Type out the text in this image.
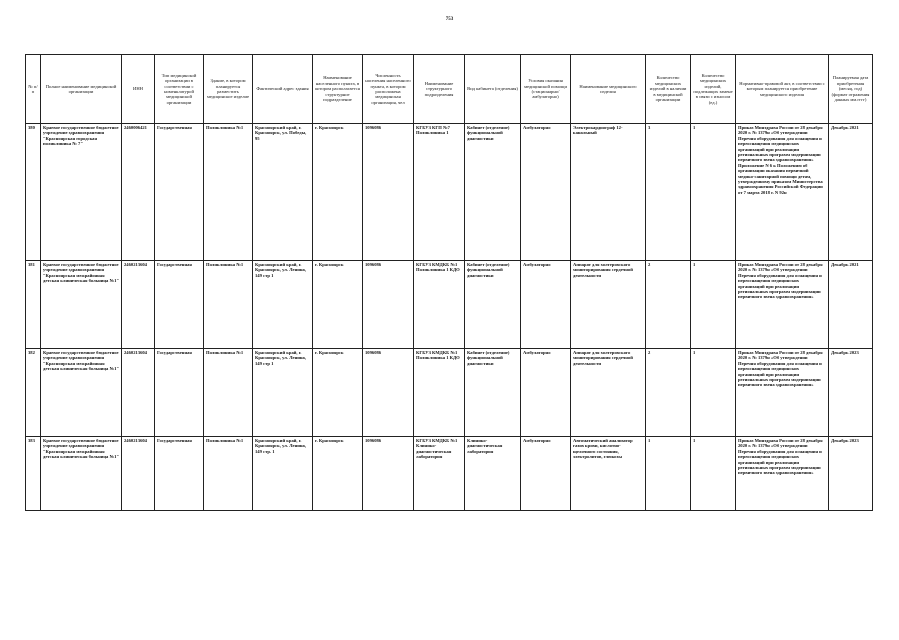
753
№ п/п	Полное наименование медицинской организации	ИНН	Тип медицинской организации в соответствии с номенклатурой медицинской организации	Здание, в котором планируется разместить медицинское изделие	Фактический адрес здания	Наименование населенного пункта, в котором располагается структурное подразделение	Численность населения населенного пункта, в котором расположена медицинская организация, чел	Наименование структурного подразделения	Вид кабинета (отделения)	Условия оказания медицинской помощи (стационарно/амбулаторно)	Наименование медицинского изделия	Количество медицинских изделий в наличии в медицинской организации	Количество медицинских изделий, подлежащих замене в связи с износом (ед.)	Нормативно-правовой акт, в соответствии с которым планируется приобретение медицинского изделия	Планируемая дата приобретения (месяц, год) (формат отражения данных мм.гггг)
380	Краевое государственное бюджетное учреждение здравоохранения "Красноярская городская поликлиника № 7"	2460006421	Государственная	Поликлиника №1	Красноярский край, г. Красноярск, ул. Победы, 95	г. Красноярск	1096086	КГБУЗ КГП №7 Поликлиника 1	Кабинет (отделение) функциональной диагностики	Амбулаторно	Электрокардиограф 12-канальный	3	1	Приказ Минздрава России от 28 декабря 2020 г. № 1379н «Об утверждении Перечня оборудования для оснащения и переоснащения медицинских организаций при реализации региональных программ модернизации первичного звена здравоохранения» Приложение N 6 к Положению об организации оказания первичной медико-санитарной помощи детям, утвержденному приказом Министерства здравоохранения Российской Федерации от 7 марта 2018 г. N 92н	Декабрь 2021
381	Краевое государственное бюджетное учреждение здравоохранения "Красноярская межрайонная детская клиническая больница №1"	2460213604	Государственная	Поликлиника №1	Красноярский край, г. Красноярск, ул. Ленина, 149 стр 1	г. Красноярск	1096086	КГБУЗ КМДКБ №1 Поликлиника 1 КДО	Кабинет (отделение) функциональной диагностики	Амбулаторно	Аппарат для холтеровского мониторирования сердечной деятельности	2	1	Приказ Минздрава России от 28 декабря 2020 г. № 1379н «Об утверждении Перечня оборудования для оснащения и переоснащения медицинских организаций при реализации региональных программ модернизации первичного звена здравоохранения»	Декабрь 2021
382	Краевое государственное бюджетное учреждение здравоохранения "Красноярская межрайонная детская клиническая больница №1"	2460213604	Государственная	Поликлиника №1	Красноярский край, г. Красноярск, ул. Ленина, 149 стр 1	г. Красноярск	1096086	КГБУЗ КМДКБ №1 Поликлиника 1 КДО	Кабинет (отделение) функциональной диагностики	Амбулаторно	Аппарат для холтеровского мониторирования сердечной деятельности	2	1	Приказ Минздрава России от 28 декабря 2020 г. № 1379н «Об утверждении Перечня оборудования для оснащения и переоснащения медицинских организаций при реализации региональных программ модернизации первичного звена здравоохранения»	Декабрь 2023
383	Краевое государственное бюджетное учреждение здравоохранения "Красноярская межрайонная детская клиническая больница №1"	2460213604	Государственная	Поликлиника №1	Красноярский край, г. Красноярск, ул. Ленина, 149 стр. 1	г. Красноярск	1096086	КГБУЗ КМДКБ №1 Клинико-диагностическая лаборатория	Клинико-диагностическая лаборатория	Амбулаторно	Автоматический анализатор газов крови, кислотно-щелочного состояния, электролитов, глюкозы	1	1	Приказ Минздрава России от 28 декабря 2020 г. № 1379н «Об утверждении Перечня оборудования для оснащения и переоснащения медицинских организаций при реализации региональных программ модернизации первичного звена здравоохранения»	Декабрь 2023
